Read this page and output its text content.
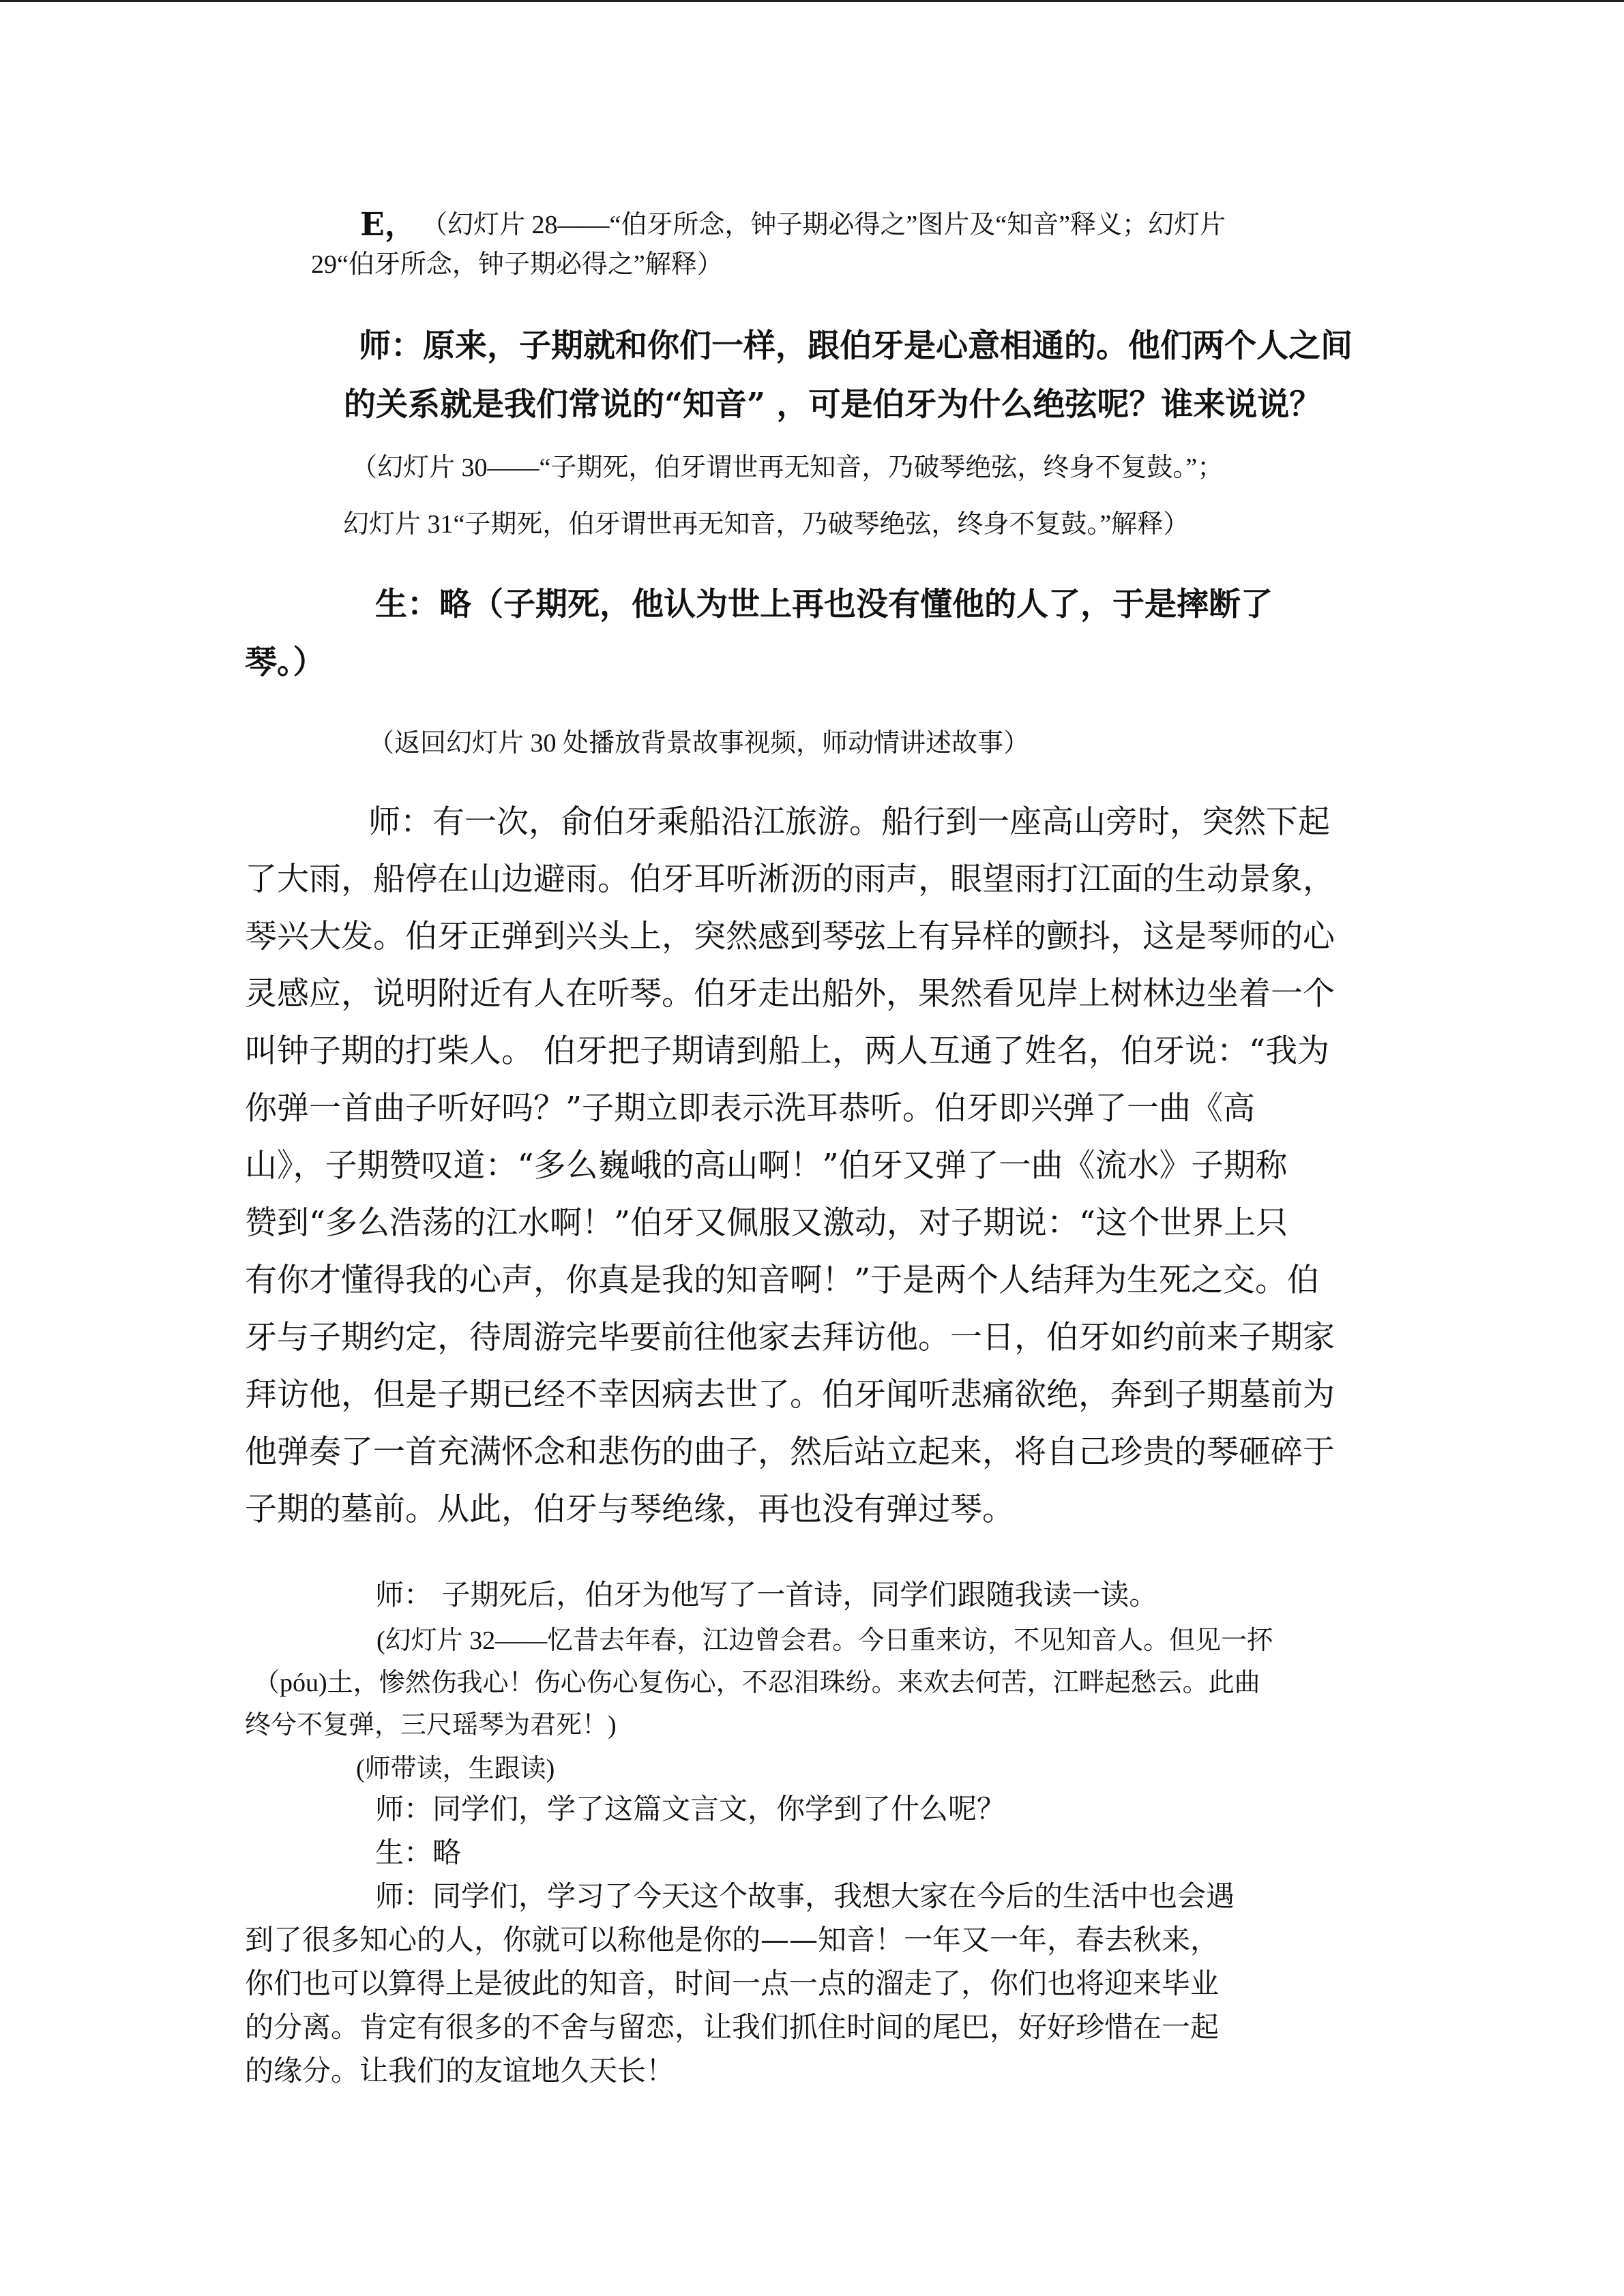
E， （幻灯片 28——“伯牙所念，钟子期必得之”图片及“知音”释义；幻灯片
29“伯牙所念，钟子期必得之”解释）
师：原来，子期就和你们一样，跟伯牙是心意相通的。他们两个人之间
的关系就是我们常说的“知音” ，可是伯牙为什么绝弦呢？谁来说说？
（幻灯片 30——“子期死，伯牙谓世再无知音，乃破琴绝弦，终身不复鼓。”；
幻灯片 31“子期死，伯牙谓世再无知音，乃破琴绝弦，终身不复鼓。”解释）
生：略（子期死，他认为世上再也没有懂他的人了，于是摔断了
琴。）
（返回幻灯片 30 处播放背景故事视频，师动情讲述故事）
师：有一次，俞伯牙乘船沿江旅游。船行到一座高山旁时，突然下起
了大雨，船停在山边避雨。伯牙耳听淅沥的雨声，眼望雨打江面的生动景象，
琴兴大发。伯牙正弹到兴头上，突然感到琴弦上有异样的颤抖，这是琴师的心
灵感应，说明附近有人在听琴。伯牙走出船外，果然看见岸上树林边坐着一个
叫钟子期的打柴人。 伯牙把子期请到船上，两人互通了姓名，伯牙说：“我为
你弹一首曲子听好吗？”子期立即表示洗耳恭听。伯牙即兴弹了一曲《高
山》，子期赞叹道：“多么巍峨的高山啊！”伯牙又弹了一曲《流水》子期称
赞到“多么浩荡的江水啊！”伯牙又佩服又激动，对子期说：“这个世界上只
有你才懂得我的心声，你真是我的知音啊！”于是两个人结拜为生死之交。伯
牙与子期约定，待周游完毕要前往他家去拜访他。一日，伯牙如约前来子期家
拜访他，但是子期已经不幸因病去世了。伯牙闻听悲痛欲绝，奔到子期墓前为
他弹奏了一首充满怀念和悲伤的曲子，然后站立起来，将自己珍贵的琴砸碎于
子期的墓前。从此，伯牙与琴绝缘，再也没有弹过琴。
师： 子期死后，伯牙为他写了一首诗，同学们跟随我读一读。
(幻灯片 32——忆昔去年春，江边曾会君。今日重来访，不见知音人。但见一抔
（póu)土，惨然伤我心！伤心伤心复伤心，不忍泪珠纷。来欢去何苦，江畔起愁云。此曲
终兮不复弹，三尺瑶琴为君死！)
(师带读，生跟读)
师：同学们，学了这篇文言文，你学到了什么呢？
生：略
师：同学们，学习了今天这个故事，我想大家在今后的生活中也会遇
到了很多知心的人，你就可以称他是你的——知音！一年又一年，春去秋来，
你们也可以算得上是彼此的知音，时间一点一点的溜走了，你们也将迎来毕业
的分离。肯定有很多的不舍与留恋，让我们抓住时间的尾巴，好好珍惜在一起
的缘分。让我们的友谊地久天长！
